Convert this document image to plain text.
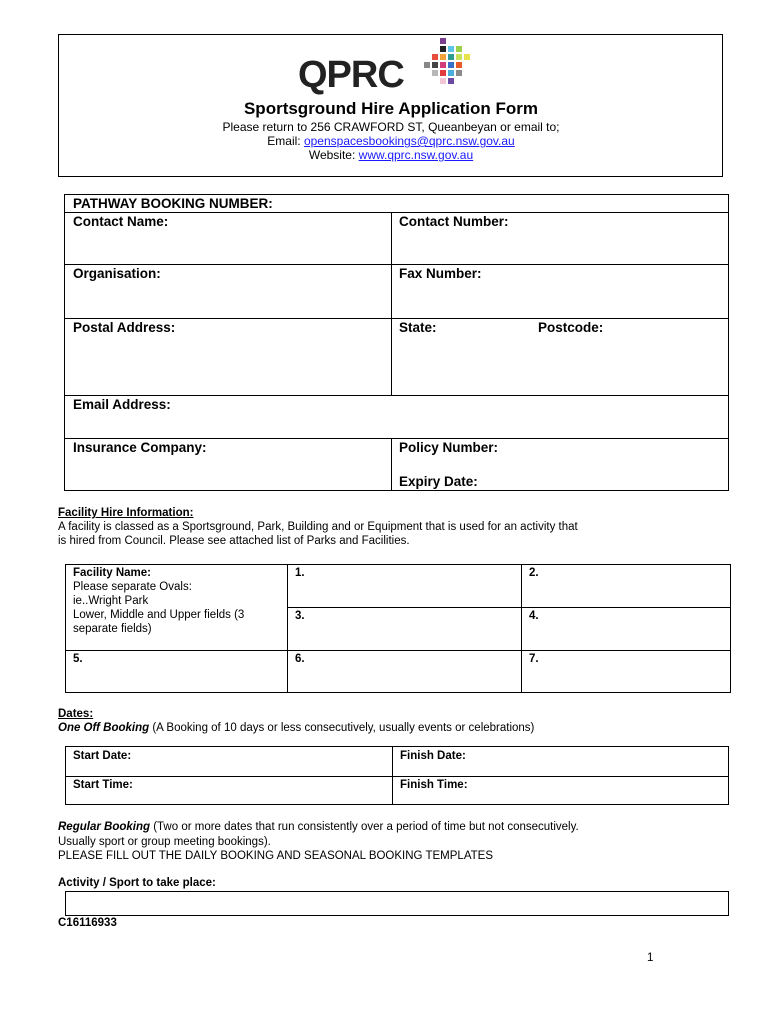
QPRC
Sportsground Hire Application Form
Please return to 256 CRAWFORD ST, Queanbeyan or email to;
Email: openspacesbookings@qprc.nsw.gov.au
Website: www.qprc.nsw.gov.au
PATHWAY BOOKING NUMBER:
Contact Name:	Contact Number:
Organisation:	Fax Number:
Postal Address:	State:	Postcode:
Email Address:
Insurance Company:	Policy Number:
Expiry Date:
Facility Hire Information:
A facility is classed as a Sportsground, Park, Building and or Equipment that is used for an activity that
is hired from Council. Please see attached list of Parks and Facilities.
Facility Name:
Please separate Ovals:
ie..Wright Park
Lower, Middle and Upper fields (3
separate fields)
1.	2.
3.	4.
5.	6.	7.
Dates:
One Off Booking (A Booking of 10 days or less consecutively, usually events or celebrations)
Start Date:	Finish Date:
Start Time:	Finish Time:
Regular Booking (Two or more dates that run consistently over a period of time but not consecutively.
Usually sport or group meeting bookings).
PLEASE FILL OUT THE DAILY BOOKING AND SEASONAL BOOKING TEMPLATES
Activity / Sport to take place:
C16116933
1
